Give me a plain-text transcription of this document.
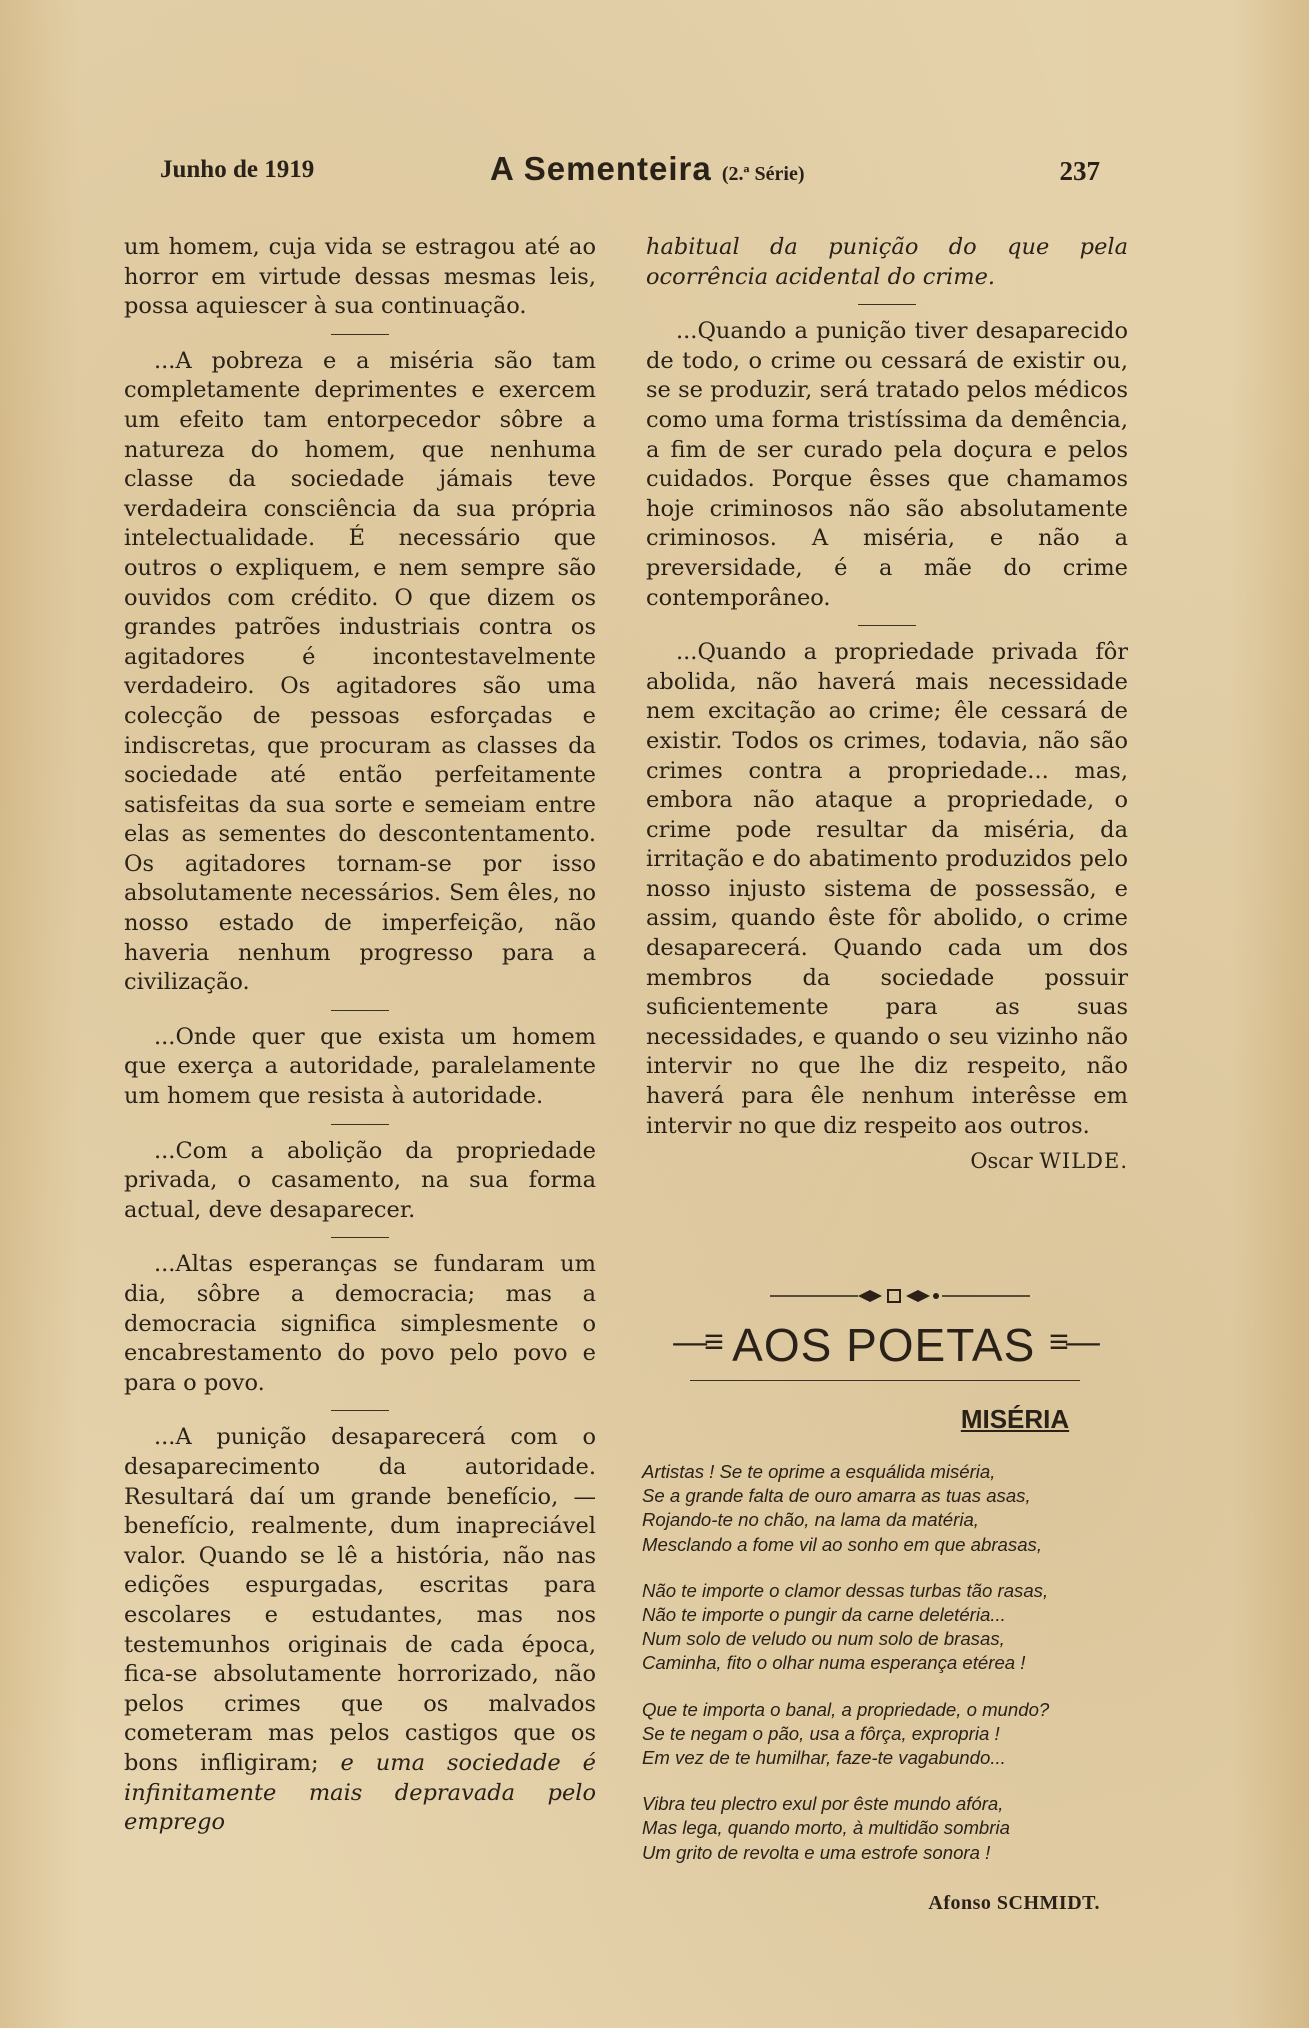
Junho de 1919	A Sementeira (2.ª Série)	237

um homem, cuja vida se estragou até ao horror em virtude dessas mesmas leis, possa aquiescer à sua continuação.

...A pobreza e a miséria são tam completamente deprimentes e exercem um efeito tam entorpecedor sôbre a natureza do homem, que nenhuma classe da sociedade jámais teve verdadeira consciência da sua própria intelectualidade. É necessário que outros o expliquem, e nem sempre são ouvidos com crédito. O que dizem os grandes patrões industriais contra os agitadores é incontestavelmente verdadeiro. Os agitadores são uma colecção de pessoas esforçadas e indiscretas, que procuram as classes da sociedade até então perfeitamente satisfeitas da sua sorte e semeiam entre elas as sementes do descontentamento. Os agitadores tornam-se por isso absolutamente necessários. Sem êles, no nosso estado de imperfeição, não haveria nenhum progresso para a civilização.

...Onde quer que exista um homem que exerça a autoridade, paralelamente um homem que resista à autoridade.

...Com a abolição da propriedade privada, o casamento, na sua forma actual, deve desaparecer.

...Altas esperanças se fundaram um dia, sôbre a democracia; mas a democracia significa simplesmente o encabrestamento do povo pelo povo e para o povo.

...A punição desaparecerá com o desaparecimento da autoridade. Resultará daí um grande benefício, — benefício, realmente, dum inapreciável valor. Quando se lê a história, não nas edições espurgadas, escritas para escolares e estudantes, mas nos testemunhos originais de cada época, fica-se absolutamente horrorizado, não pelos crimes que os malvados cometeram mas pelos castigos que os bons infligiram; e uma sociedade é infinitamente mais depravada pelo emprego

habitual da punição do que pela ocorrência acidental do crime.

...Quando a punição tiver desaparecido de todo, o crime ou cessará de existir ou, se se produzir, será tratado pelos médicos como uma forma tristíssima da demência, a fim de ser curado pela doçura e pelos cuidados. Porque êsses que chamamos hoje criminosos não são absolutamente criminosos. A miséria, e não a preversidade, é a mãe do crime contemporâneo.

...Quando a propriedade privada fôr abolida, não haverá mais necessidade nem excitação ao crime; êle cessará de existir. Todos os crimes, todavia, não são crimes contra a propriedade... mas, embora não ataque a propriedade, o crime pode resultar da miséria, da irritação e do abatimento produzidos pelo nosso injusto sistema de possessão, e assim, quando êste fôr abolido, o crime desaparecerá. Quando cada um dos membros da sociedade possuir suficientemente para as suas necessidades, e quando o seu vizinho não intervir no que lhe diz respeito, não haverá para êle nenhum interêsse em intervir no que diz respeito aos outros.

Oscar WILDE.
—≡ AOS POETAS ≡—
MISÉRIA
Artistas ! Se te oprime a esquálida miséria,
Se a grande falta de ouro amarra as tuas asas,
Rojando-te no chão, na lama da matéria,
Mesclando a fome vil ao sonho em que abrasas,
Não te importe o clamor dessas turbas tão rasas,
Não te importe o pungir da carne deletéria...
Num solo de veludo ou num solo de brasas,
Caminha, fito o olhar numa esperança etérea !
Que te importa o banal, a propriedade, o mundo?
Se te negam o pão, usa a fôrça, expropria !
Em vez de te humilhar, faze-te vagabundo...
Vibra teu plectro exul por êste mundo afóra,
Mas lega, quando morto, à multidão sombria
Um grito de revolta e uma estrofe sonora !
Afonso SCHMIDT.
